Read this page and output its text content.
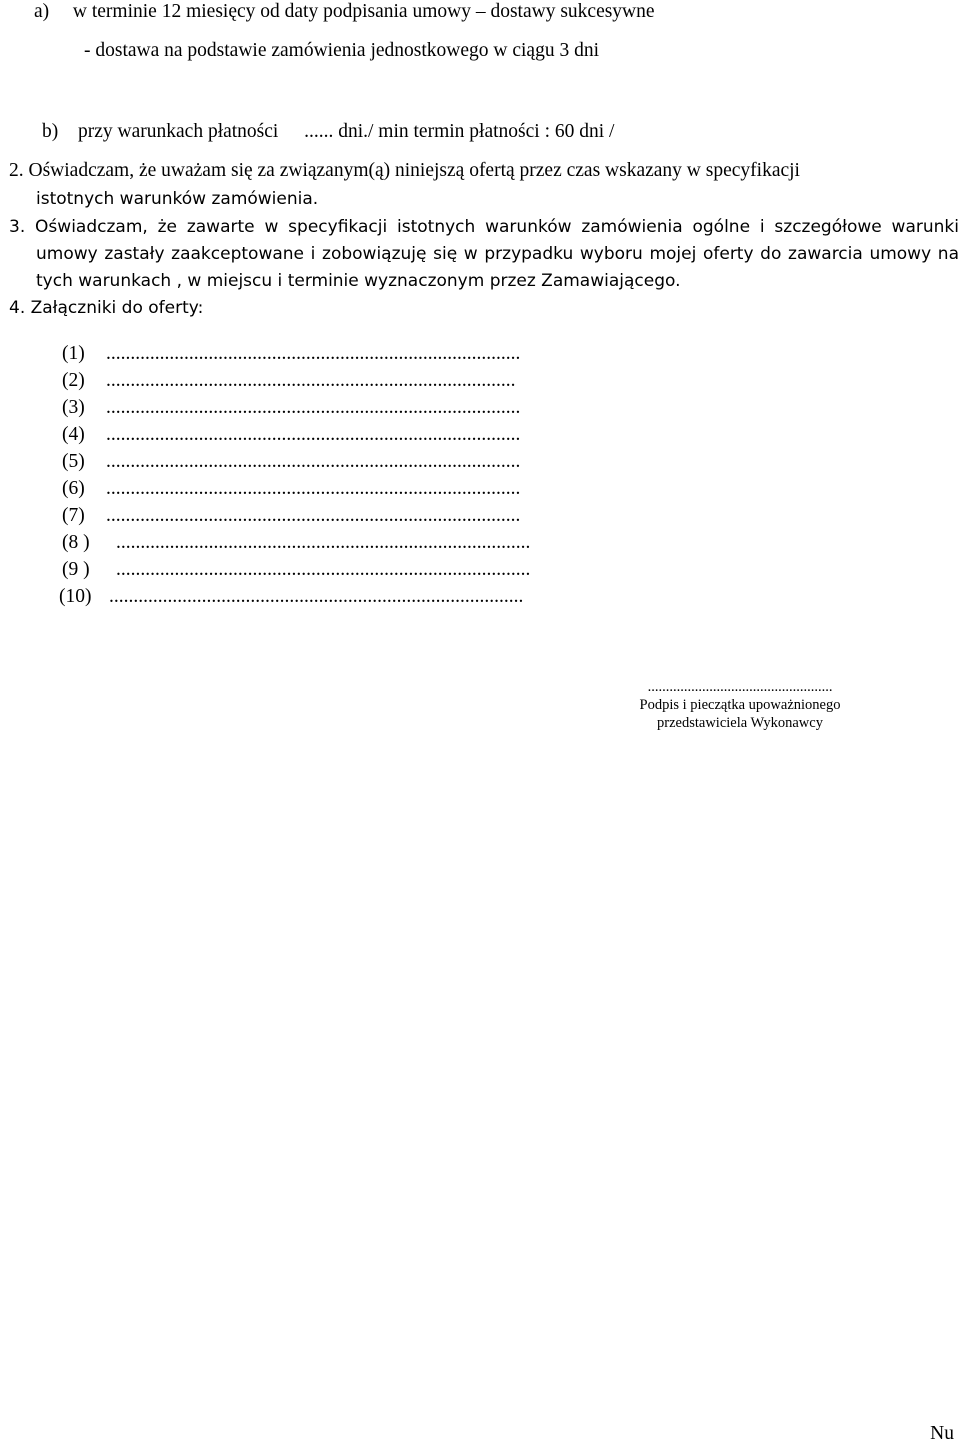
a) w terminie 12 miesięcy od daty podpisania umowy – dostawy sukcesywne
- dostawa na podstawie zamówienia jednostkowego w ciągu 3 dni
b) przy warunkach płatności ...... dni./ min termin płatności : 60 dni /
2. Oświadczam, że uważam się za związanym(ą) niniejszą ofertą przez czas wskazany w specyfikacji
istotnych warunków zamówienia.
3. Oświadczam, że zawarte w specyfikacji istotnych warunków zamówienia ogólne i szczegółowe warunki umowy zastały zaakceptowane i zobowiązuję się w przypadku wyboru mojej oferty do zawarcia umowy na tych warunkach , w miejscu i terminie wyznaczonym przez Zamawiającego.
4. Załączniki do oferty:
(1) .....................................................................................
(2) ....................................................................................
(3) .....................................................................................
(4) .....................................................................................
(5) .....................................................................................
(6) .....................................................................................
(7) .....................................................................................
(8 ) .....................................................................................
(9 ) .....................................................................................
(10) .....................................................................................
...................................................
Podpis i pieczątka upoważnionego
przedstawiciela Wykonawcy
Nu
